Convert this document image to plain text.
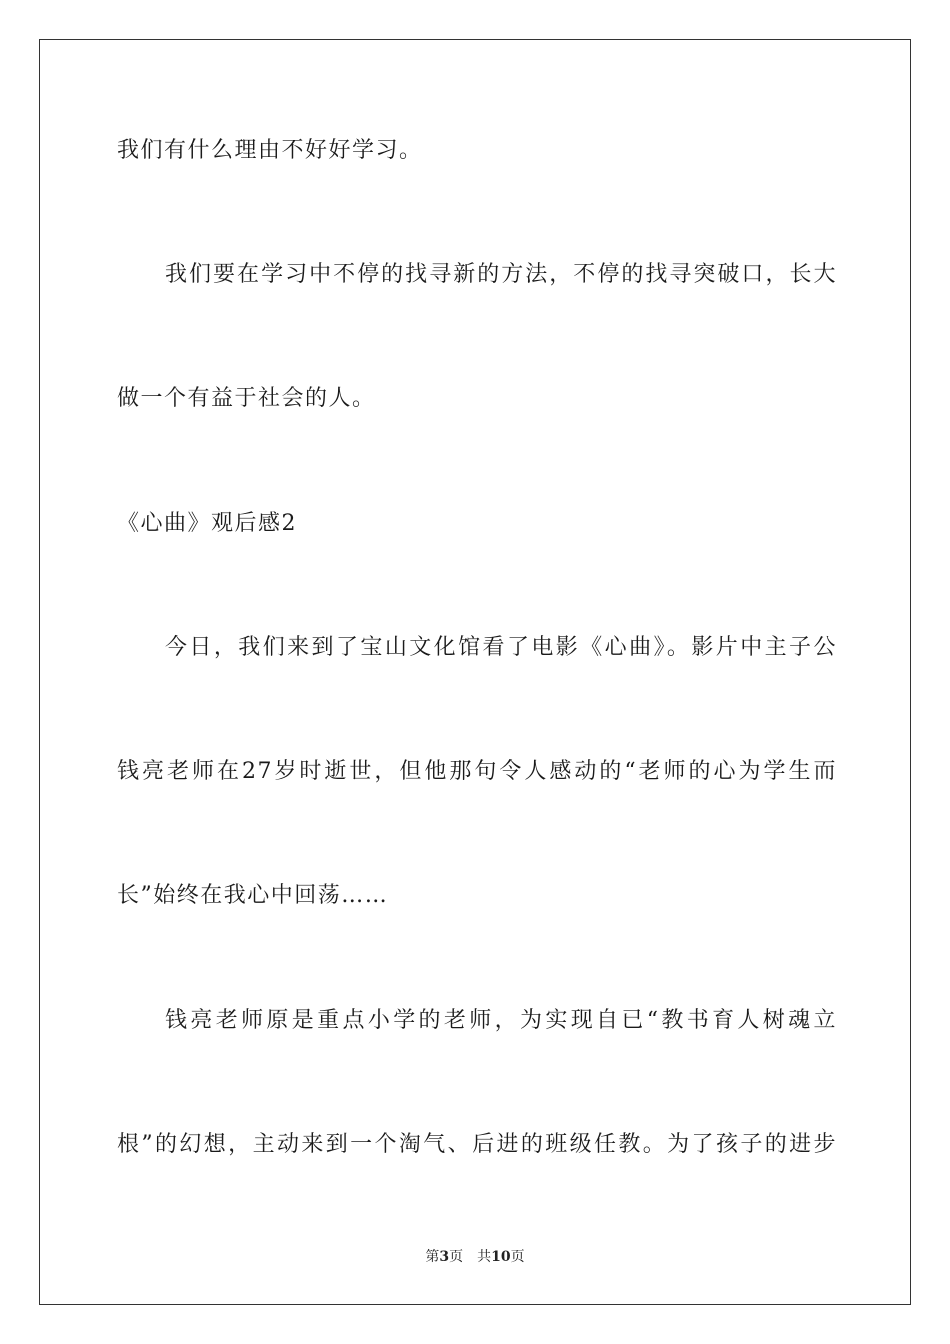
我们有什么理由不好好学习。

我们要在学习中不停的找寻新的方法，不停的找寻突破口，长大

做一个有益于社会的人。

《心曲》观后感2

今日，我们来到了宝山文化馆看了电影《心曲》。影片中主子公

钱亮老师在27岁时逝世，但他那句令人感动的“老师的心为学生而

长”始终在我心中回荡……

钱亮老师原是重点小学的老师，为实现自已“教书育人树魂立

根”的幻想，主动来到一个淘气、后进的班级任教。为了孩子的进步

第3页 共10页
